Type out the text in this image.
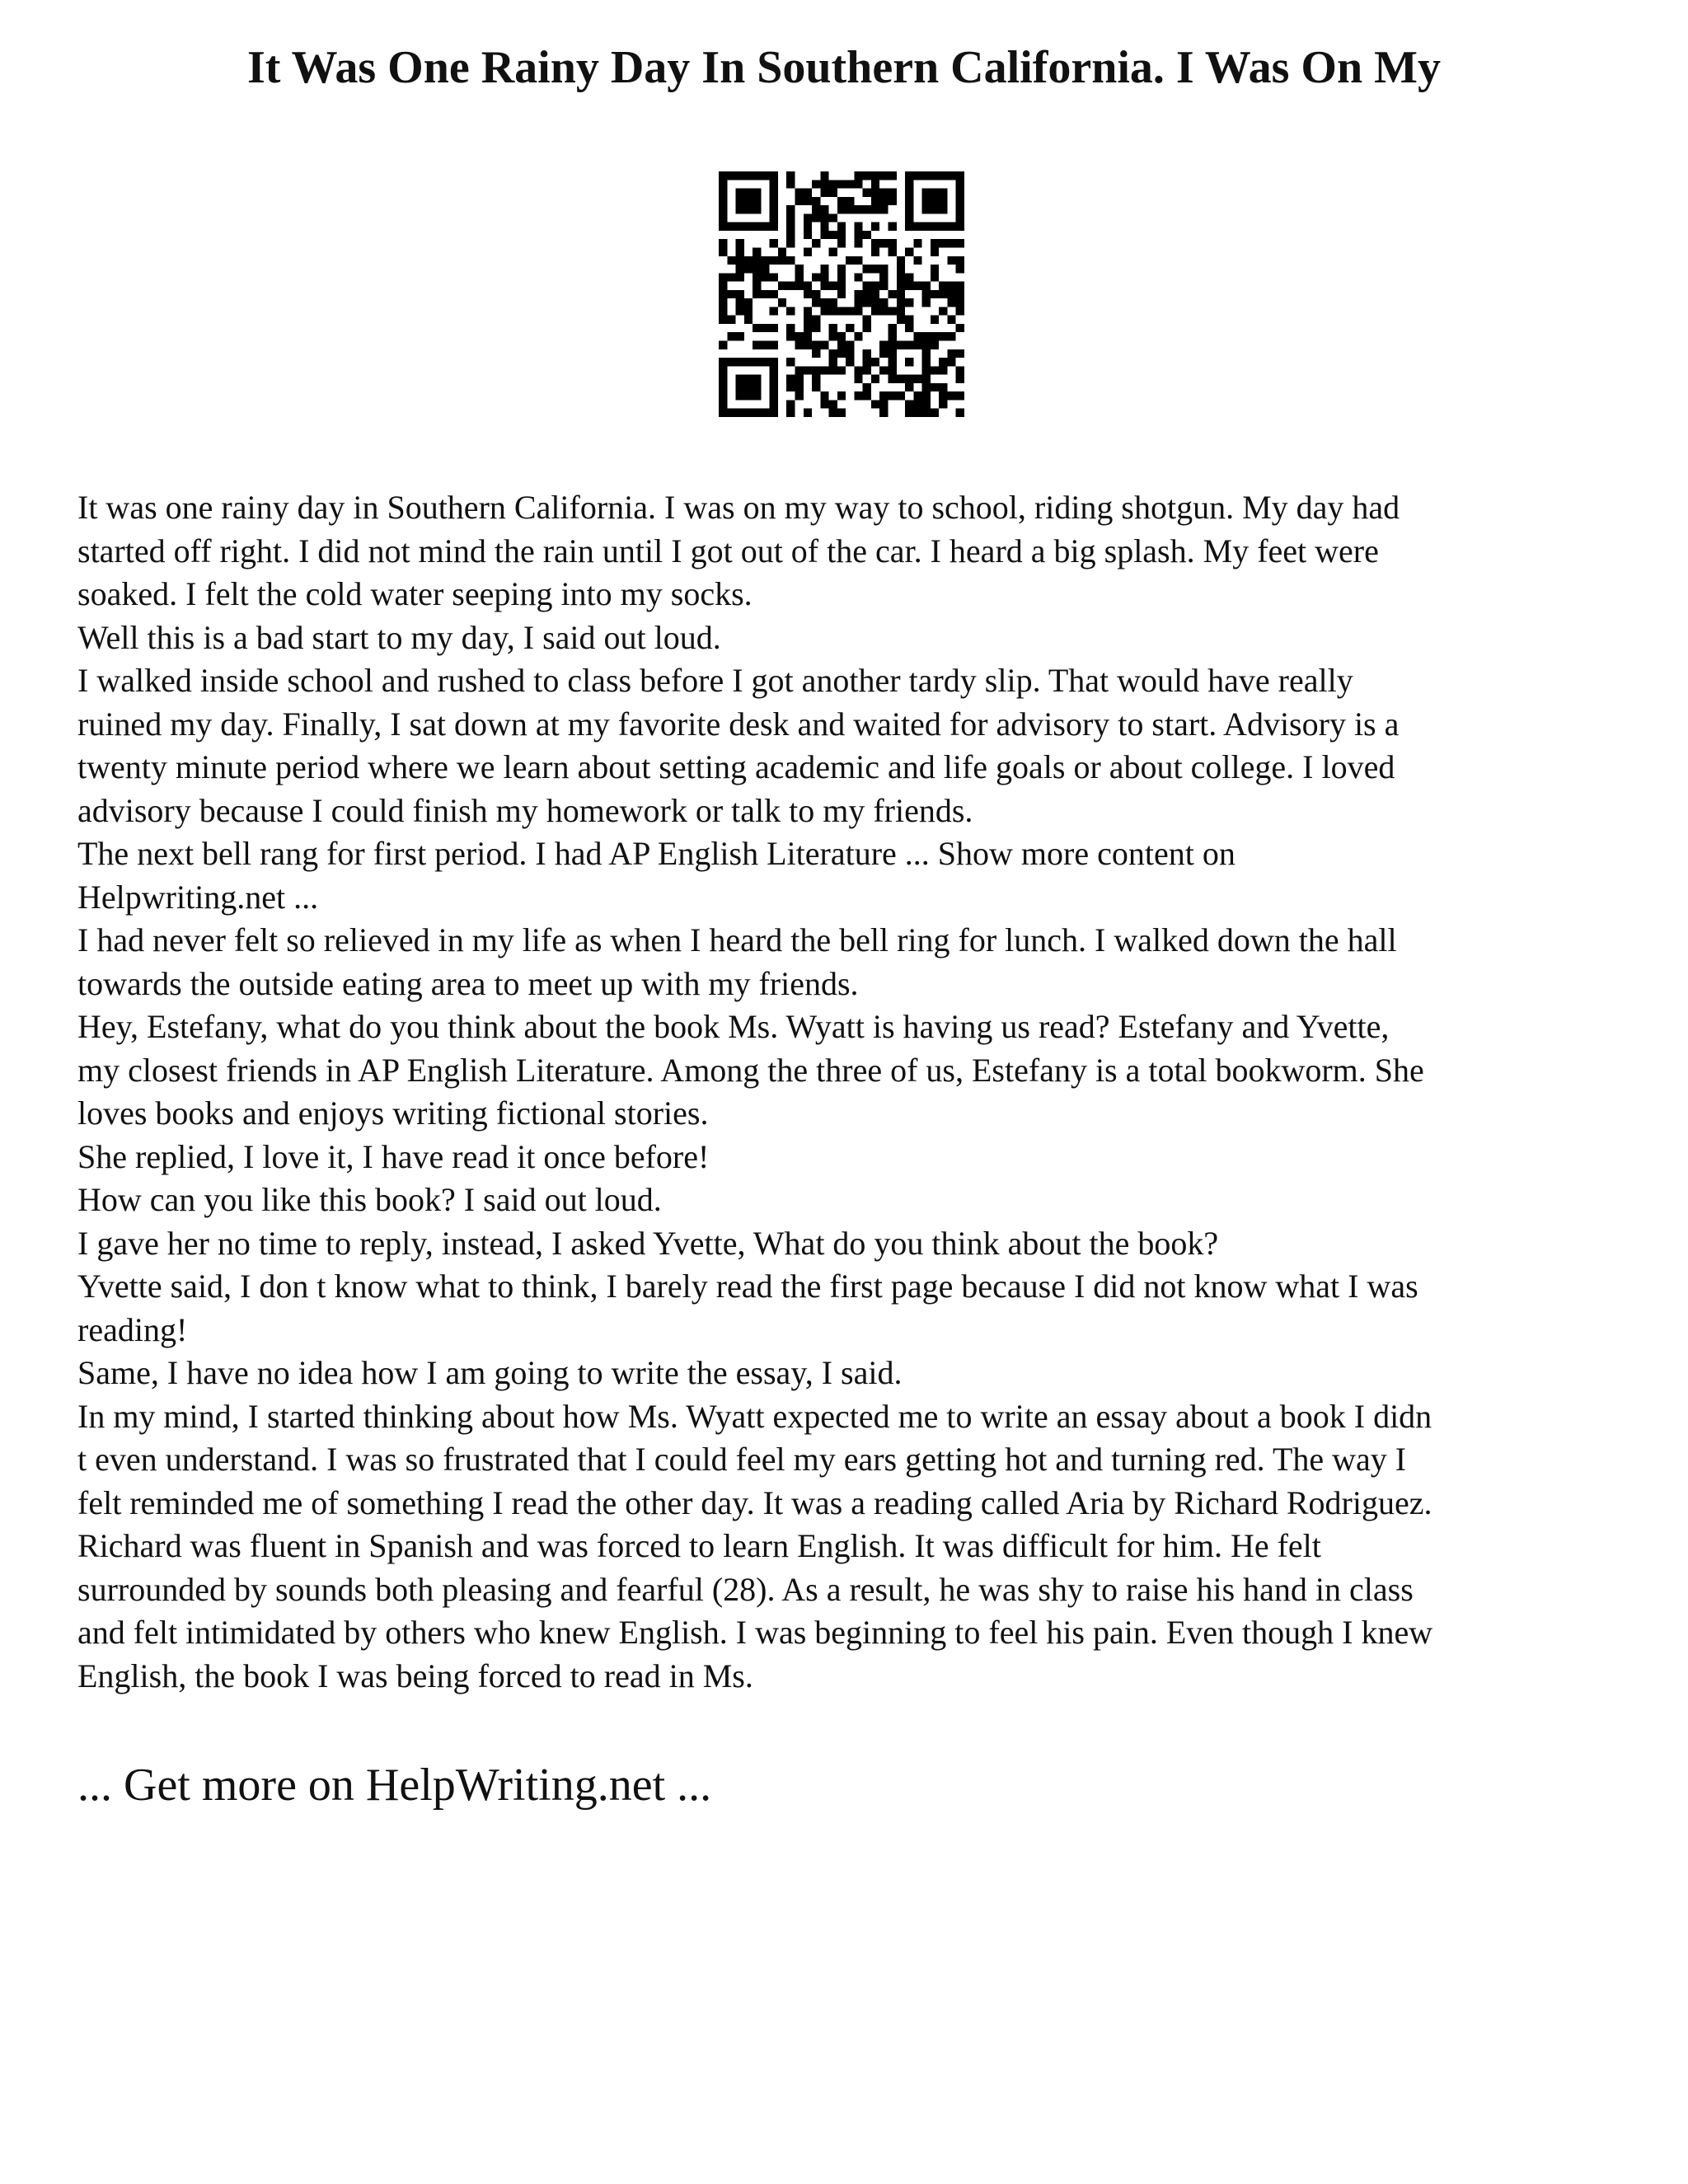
It Was One Rainy Day In Southern California. I Was On My
It was one rainy day in Southern California. I was on my way to school, riding shotgun. My day had
started off right. I did not mind the rain until I got out of the car. I heard a big splash. My feet were
soaked. I felt the cold water seeping into my socks.
Well this is a bad start to my day, I said out loud.
I walked inside school and rushed to class before I got another tardy slip. That would have really
ruined my day. Finally, I sat down at my favorite desk and waited for advisory to start. Advisory is a
twenty minute period where we learn about setting academic and life goals or about college. I loved
advisory because I could finish my homework or talk to my friends.
The next bell rang for first period. I had AP English Literature ... Show more content on
Helpwriting.net ...
I had never felt so relieved in my life as when I heard the bell ring for lunch. I walked down the hall
towards the outside eating area to meet up with my friends.
Hey, Estefany, what do you think about the book Ms. Wyatt is having us read? Estefany and Yvette,
my closest friends in AP English Literature. Among the three of us, Estefany is a total bookworm. She
loves books and enjoys writing fictional stories.
She replied, I love it, I have read it once before!
How can you like this book? I said out loud.
I gave her no time to reply, instead, I asked Yvette, What do you think about the book?
Yvette said, I don t know what to think, I barely read the first page because I did not know what I was
reading!
Same, I have no idea how I am going to write the essay, I said.
In my mind, I started thinking about how Ms. Wyatt expected me to write an essay about a book I didn
t even understand. I was so frustrated that I could feel my ears getting hot and turning red. The way I
felt reminded me of something I read the other day. It was a reading called Aria by Richard Rodriguez.
Richard was fluent in Spanish and was forced to learn English. It was difficult for him. He felt
surrounded by sounds both pleasing and fearful (28). As a result, he was shy to raise his hand in class
and felt intimidated by others who knew English. I was beginning to feel his pain. Even though I knew
English, the book I was being forced to read in Ms.
... Get more on HelpWriting.net ...
